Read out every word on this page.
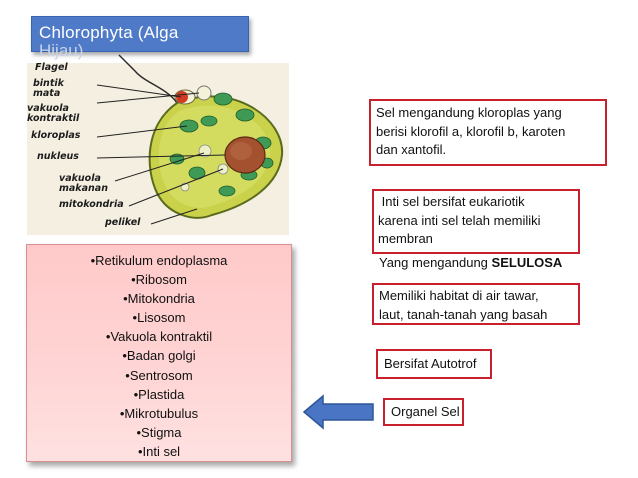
Chlorophyta (Alga
Hijau)
Flagel
bintik mata
vakuola kontraktil
kloroplas
nukleus
vakuola makanan
mitokondria
pelikel
•Retikulum endoplasma
•Ribosom
•Mitokondria
•Lisosom
•Vakuola kontraktil
•Badan golgi
•Sentrosom
•Plastida
•Mikrotubulus
•Stigma
•Inti sel
Sel mengandung kloroplas yang
berisi klorofil a, klorofil b, karoten
dan xantofil.
Inti sel bersifat eukariotik
karena inti sel telah memiliki
membran
Yang mengandung SELULOSA
Memiliki habitat di air tawar,
laut, tanah-tanah yang basah
Bersifat Autotrof
Organel Sel
